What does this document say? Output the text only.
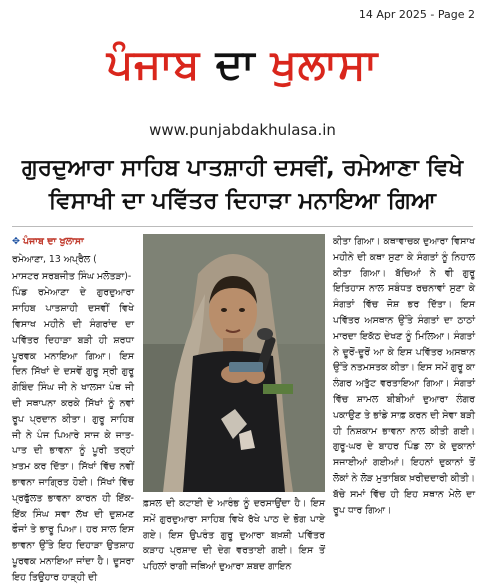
14 Apr 2025 - Page 2
ਪੰਜਾਬ ਦਾ ਖੁਲਾਸਾ
www.punjabdakhulasa.in
ਗੁਰਦੁਆਰਾ ਸਾਹਿਬ ਪਾਤਸ਼ਾਹੀ ਦਸਵੀਂ, ਰਮੇਆਣਾ ਵਿਖੇ
ਵਿਸਾਖੀ ਦਾ ਪਵਿੱਤਰ ਦਿਹਾੜਾ ਮਨਾਇਆ ਗਿਆ
✥ ਪੰਜਾਬ ਦਾ ਖੁਲਾਸਾ
ਰਮੇਆਣਾ, 13 ਅਪ੍ਰੈਲ (
ਮਾਸਟਰ ਸਰਬਜੀਤ ਸਿੰਘ ਮਲੋਤੜਾ)-

ਪਿੰਡ ਰਮੇਆਣਾ ਦੇ ਗੁਰਦੁਆਰਾ ਸਾਹਿਬ ਪਾਤਸ਼ਾਹੀ ਦਸਵੀਂ ਵਿਖੇ ਵਿਸਾਖ ਮਹੀਨੇ ਦੀ ਸੰਗਰਾਂਦ ਦਾ ਪਵਿੱਤਰ ਦਿਹਾੜਾ ਬੜੀ ਹੀ ਸ਼ਰਧਾ ਪੂਰਵਕ ਮਨਾਇਆ ਗਿਆ। ਇਸ ਦਿਨ ਸਿੱਖਾਂ ਦੇ ਦਸਵੇਂ ਗੁਰੂ ਸ੍ਰੀ ਗੁਰੂ ਗੋਬਿੰਦ ਸਿੰਘ ਜੀ ਨੇ ਖਾਲਸਾ ਪੰਥ ਜੀ ਦੀ ਸਥਾਪਨਾ ਕਰਕੇ ਸਿੱਖਾਂ ਨੂੰ ਨਵਾਂ ਰੂਪ ਪ੍ਰਦਾਨ ਕੀਤਾ। ਗੁਰੂ ਸਾਹਿਬ ਜੀ ਨੇ ਪੰਜ ਪਿਆਰੇ ਸਾਜ ਕੇ ਜਾਤ-ਪਾਤ ਦੀ ਭਾਵਨਾ ਨੂੰ ਪੂਰੀ ਤਰ੍ਹਾਂ ਖ਼ਤਮ ਕਰ ਦਿੱਤਾ। ਸਿੱਖਾਂ ਵਿੱਚ ਨਵੀਂ ਭਾਵਨਾ ਜਾਗ੍ਰਿਤ ਹੋਈ। ਸਿੱਖਾਂ ਵਿੱਚ ਪ੍ਰਫੁੱਲਤ ਭਾਵਨਾ ਕਾਰਨ ਹੀ ਇੱਕ-ਇੱਕ ਸਿੰਘ ਸਵਾ ਲੱਖ ਦੀ ਦੁਸ਼ਮਣ ਫੌਜਾਂ ਤੇ ਭਾਰੂ ਪਿਆ। ਹਰ ਸਾਲ ਇਸ ਭਾਵਨਾ ਉੱਤੇ ਇਹ ਦਿਹਾੜਾ ਉਤਸ਼ਾਹ ਪੂਰਵਕ ਮਨਾਇਆ ਜਾਂਦਾ ਹੈ। ਦੂਸਰਾ ਇਹ ਤਿਉਹਾਰ ਹਾੜ੍ਹੀ ਦੀ

ਫ਼ਸਲ ਦੀ ਕਟਾਈ ਦੇ ਆਰੰਭ ਨੂੰ ਦਰਸਾਉਂਦਾ ਹੈ। ਇਸ ਸਮੇਂ ਗੁਰਦੁਆਰਾ ਸਾਹਿਬ ਵਿਖੇ ਰੱਖੇ ਪਾਠ ਦੇ ਭੋਗ ਪਾਏ ਗਏ। ਇਸ ਉਪਰੰਤ ਗੁਰੂ ਦੁਆਰਾ ਬਖ਼ਸ਼ੀ ਪਵਿੱਤਰ ਕੜਾਹ ਪ੍ਰਸ਼ਾਦ ਦੀ ਦੇਗ ਵਰਤਾਈ ਗਈ। ਇਸ ਤੋਂ ਪਹਿਲਾਂ ਰਾਗੀ ਜਥਿਆਂ ਦੁਆਰਾ ਸ਼ਬਦ ਗਾਇਨ

ਕੀਤਾ ਗਿਆ। ਕਥਾਵਾਚਕ ਦੁਆਰਾ ਵਿਸਾਖ ਮਹੀਨੇ ਦੀ ਕਥਾ ਸੁਣਾ ਕੇ ਸੰਗਤਾਂ ਨੂੰ ਨਿਹਾਲ ਕੀਤਾ ਗਿਆ। ਬੱਚਿਆਂ ਨੇ ਵੀ ਗੁਰੂ ਇਤਿਹਾਸ ਨਾਲ ਸਬੰਧਤ ਰਚਨਾਵਾਂ ਸੁਣਾ ਕੇ ਸੰਗਤਾਂ ਵਿੱਚ ਜੋਸ਼ ਭਰ ਦਿੱਤਾ। ਇਸ ਪਵਿੱਤਰ ਅਸਥਾਨ ਉੱਤੇ ਸੰਗਤਾਂ ਦਾ ਠਾਠਾਂ ਮਾਰਦਾ ਇਕੱਠ ਦੇਖਣ ਨੂੰ ਮਿਲਿਆ। ਸੰਗਤਾਂ ਨੇ ਦੂਰੋਂ-ਦੂਰੋਂ ਆ ਕੇ ਇਸ ਪਵਿੱਤਰ ਅਸਥਾਨ ਉੱਤੇ ਨਤਮਸਤਕ ਕੀਤਾ। ਇਸ ਸਮੇਂ ਗੁਰੂ ਕਾ ਲੰਗਰ ਅਤੁੱਟ ਵਰਤਾਇਆ ਗਿਆ। ਸੰਗਤਾਂ ਵਿੱਚ ਸ਼ਾਮਲ ਬੀਬੀਆਂ ਦੁਆਰਾ ਲੰਗਰ ਪਕਾਉਣ ਤੇ ਭਾਂਡੇ ਸਾਫ਼ ਕਰਨ ਦੀ ਸੇਵਾ ਬੜੀ ਹੀ ਨਿਸ਼ਕਾਮ ਭਾਵਨਾ ਨਾਲ ਕੀਤੀ ਗਈ। ਗੁਰੂ-ਘਰ ਦੇ ਬਾਹਰ ਪਿੰਡ ਲਾ ਕੇ ਦੁਕਾਨਾਂ ਸਜਾਈਆਂ ਗਈਆਂ। ਇਹਨਾਂ ਦੁਕਾਨਾਂ ਤੋਂ ਲੋਕਾਂ ਨੇ ਲੋੜ ਮੁਤਾਬਿਕ ਖ਼ਰੀਦਦਾਰੀ ਕੀਤੀ। ਬੱਚੇ ਸਮਾਂ ਵਿੱਚ ਹੀ ਇਹ ਸਥਾਨ ਮੇਲੇ ਦਾ ਰੂਪ ਧਾਰ ਗਿਆ।
